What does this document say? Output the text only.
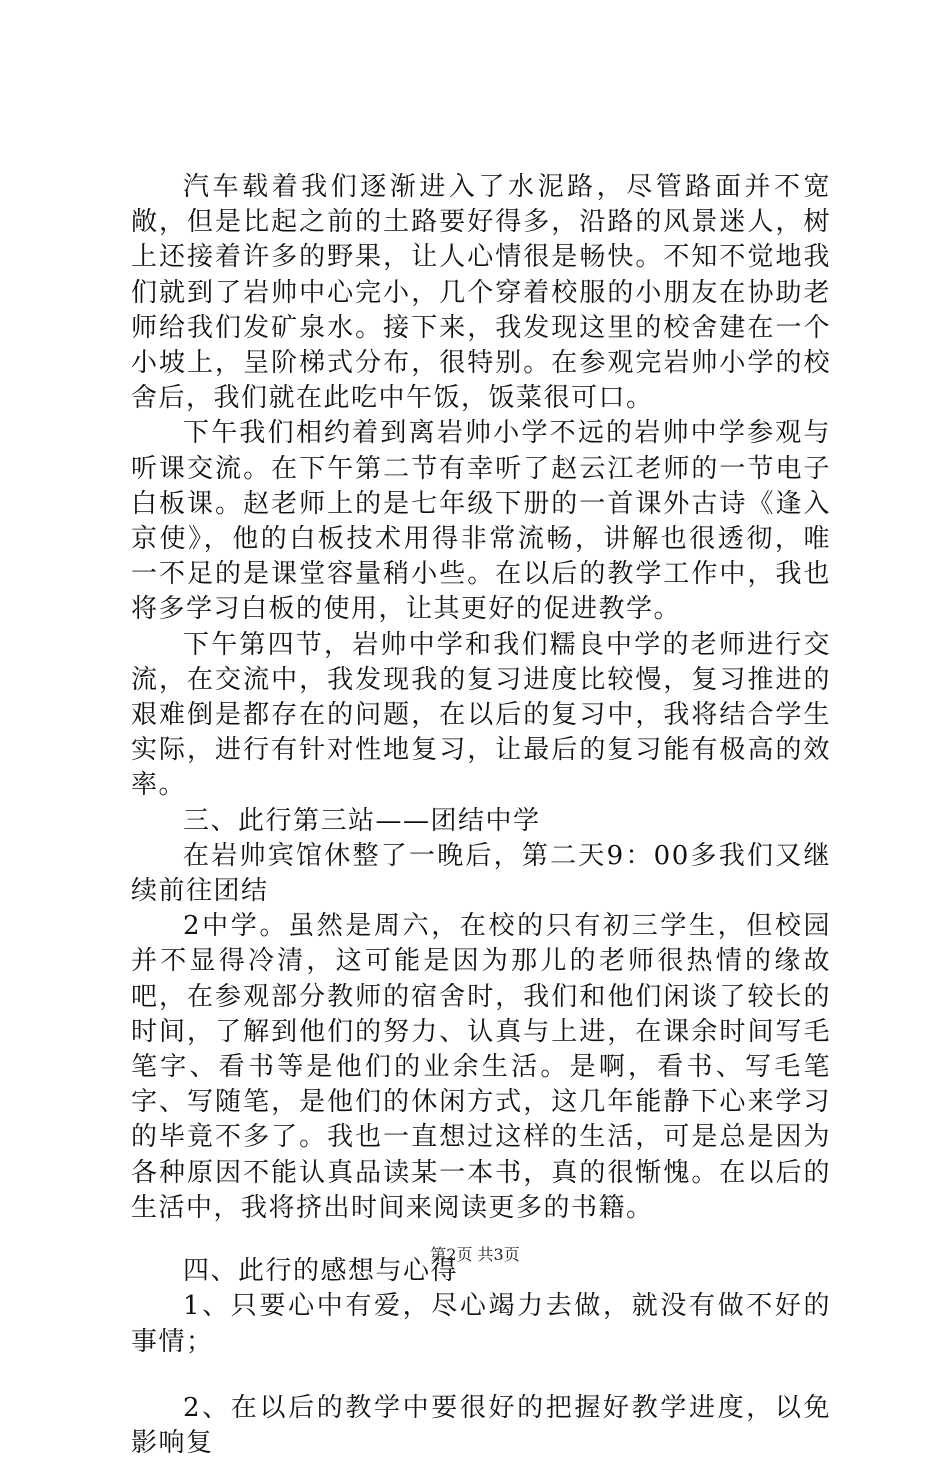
汽车载着我们逐渐进入了水泥路，尽管路面并不宽敞，但是比起之前的土路要好得多，沿路的风景迷人，树上还接着许多的野果，让人心情很是畅快。不知不觉地我们就到了岩帅中心完小，几个穿着校服的小朋友在协助老师给我们发矿泉水。接下来，我发现这里的校舍建在一个小坡上，呈阶梯式分布，很特别。在参观完岩帅小学的校舍后，我们就在此吃中午饭，饭菜很可口。

下午我们相约着到离岩帅小学不远的岩帅中学参观与听课交流。在下午第二节有幸听了赵云江老师的一节电子白板课。赵老师上的是七年级下册的一首课外古诗《逢入京使》，他的白板技术用得非常流畅，讲解也很透彻，唯一不足的是课堂容量稍小些。在以后的教学工作中，我也将多学习白板的使用，让其更好的促进教学。

下午第四节，岩帅中学和我们糯良中学的老师进行交流，在交流中，我发现我的复习进度比较慢，复习推进的艰难倒是都存在的问题，在以后的复习中，我将结合学生实际，进行有针对性地复习，让最后的复习能有极高的效率。

三、此行第三站——团结中学

在岩帅宾馆休整了一晚后，第二天9：00多我们又继续前往团结

2中学。虽然是周六，在校的只有初三学生，但校园并不显得冷清，这可能是因为那儿的老师很热情的缘故吧，在参观部分教师的宿舍时，我们和他们闲谈了较长的时间，了解到他们的努力、认真与上进，在课余时间写毛笔字、看书等是他们的业余生活。是啊，看书、写毛笔字、写随笔，是他们的休闲方式，这几年能静下心来学习的毕竟不多了。我也一直想过这样的生活，可是总是因为各种原因不能认真品读某一本书，真的很惭愧。在以后的生活中，我将挤出时间来阅读更多的书籍。

四、此行的感想与心得

1、只要心中有爱，尽心竭力去做，就没有做不好的事情；

2、在以后的教学中要很好的把握好教学进度，以免影响复

第2页 共3页
